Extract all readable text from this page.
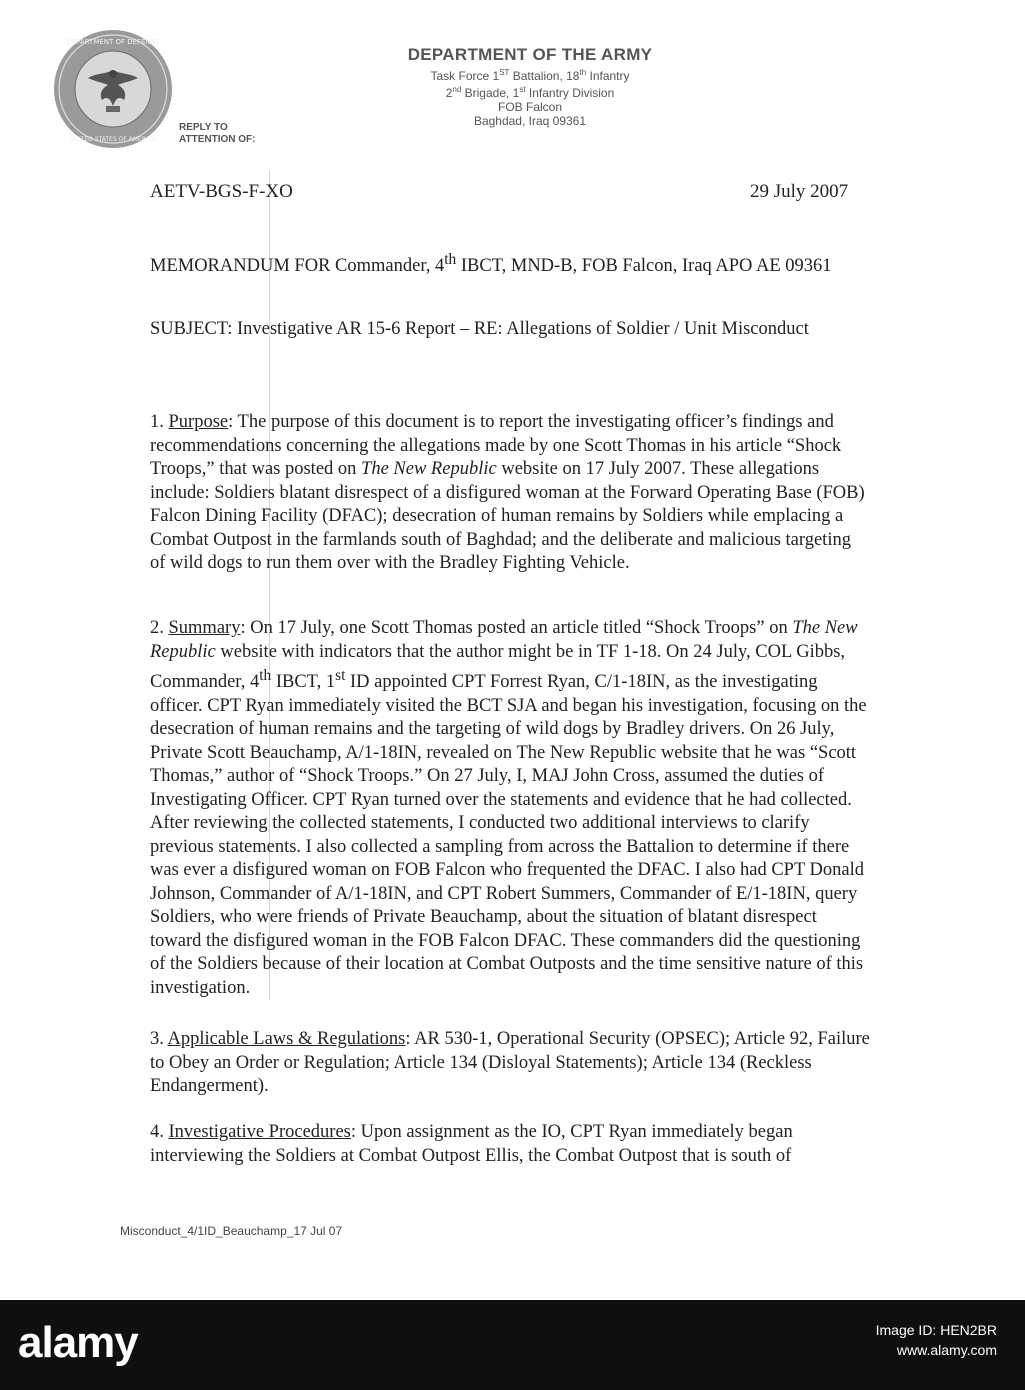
DEPARTMENT OF DEFENSE
UNITED STATES OF AMERICA
REPLY TO
ATTENTION OF:
DEPARTMENT OF THE ARMY
Task Force 1ST Battalion, 18th Infantry
2nd Brigade, 1st Infantry Division
FOB Falcon
Baghdad, Iraq 09361
AETV-BGS-F-XO	29 July 2007
MEMORANDUM FOR Commander, 4th IBCT, MND-B, FOB Falcon, Iraq APO AE 09361
SUBJECT: Investigative AR 15-6 Report – RE: Allegations of Soldier / Unit Misconduct

1. Purpose: The purpose of this document is to report the investigating officer’s findings and recommendations concerning the allegations made by one Scott Thomas in his article “Shock Troops,” that was posted on The New Republic website on 17 July 2007. These allegations include: Soldiers blatant disrespect of a disfigured woman at the Forward Operating Base (FOB) Falcon Dining Facility (DFAC); desecration of human remains by Soldiers while emplacing a Combat Outpost in the farmlands south of Baghdad; and the deliberate and malicious targeting of wild dogs to run them over with the Bradley Fighting Vehicle.

2. Summary: On 17 July, one Scott Thomas posted an article titled “Shock Troops” on The New Republic website with indicators that the author might be in TF 1-18. On 24 July, COL Gibbs, Commander, 4th IBCT, 1st ID appointed CPT Forrest Ryan, C/1-18IN, as the investigating officer. CPT Ryan immediately visited the BCT SJA and began his investigation, focusing on the desecration of human remains and the targeting of wild dogs by Bradley drivers. On 26 July, Private Scott Beauchamp, A/1-18IN, revealed on The New Republic website that he was “Scott Thomas,” author of “Shock Troops.” On 27 July, I, MAJ John Cross, assumed the duties of Investigating Officer. CPT Ryan turned over the statements and evidence that he had collected. After reviewing the collected statements, I conducted two additional interviews to clarify previous statements. I also collected a sampling from across the Battalion to determine if there was ever a disfigured woman on FOB Falcon who frequented the DFAC. I also had CPT Donald Johnson, Commander of A/1-18IN, and CPT Robert Summers, Commander of E/1-18IN, query Soldiers, who were friends of Private Beauchamp, about the situation of blatant disrespect toward the disfigured woman in the FOB Falcon DFAC. These commanders did the questioning of the Soldiers because of their location at Combat Outposts and the time sensitive nature of this investigation.

3. Applicable Laws & Regulations: AR 530-1, Operational Security (OPSEC); Article 92, Failure to Obey an Order or Regulation; Article 134 (Disloyal Statements); Article 134 (Reckless Endangerment).

4. Investigative Procedures: Upon assignment as the IO, CPT Ryan immediately began interviewing the Soldiers at Combat Outpost Ellis, the Combat Outpost that is south of

Misconduct_4/1ID_Beauchamp_17 Jul 07
alamy	Image ID: HEN2BR
www.alamy.com
